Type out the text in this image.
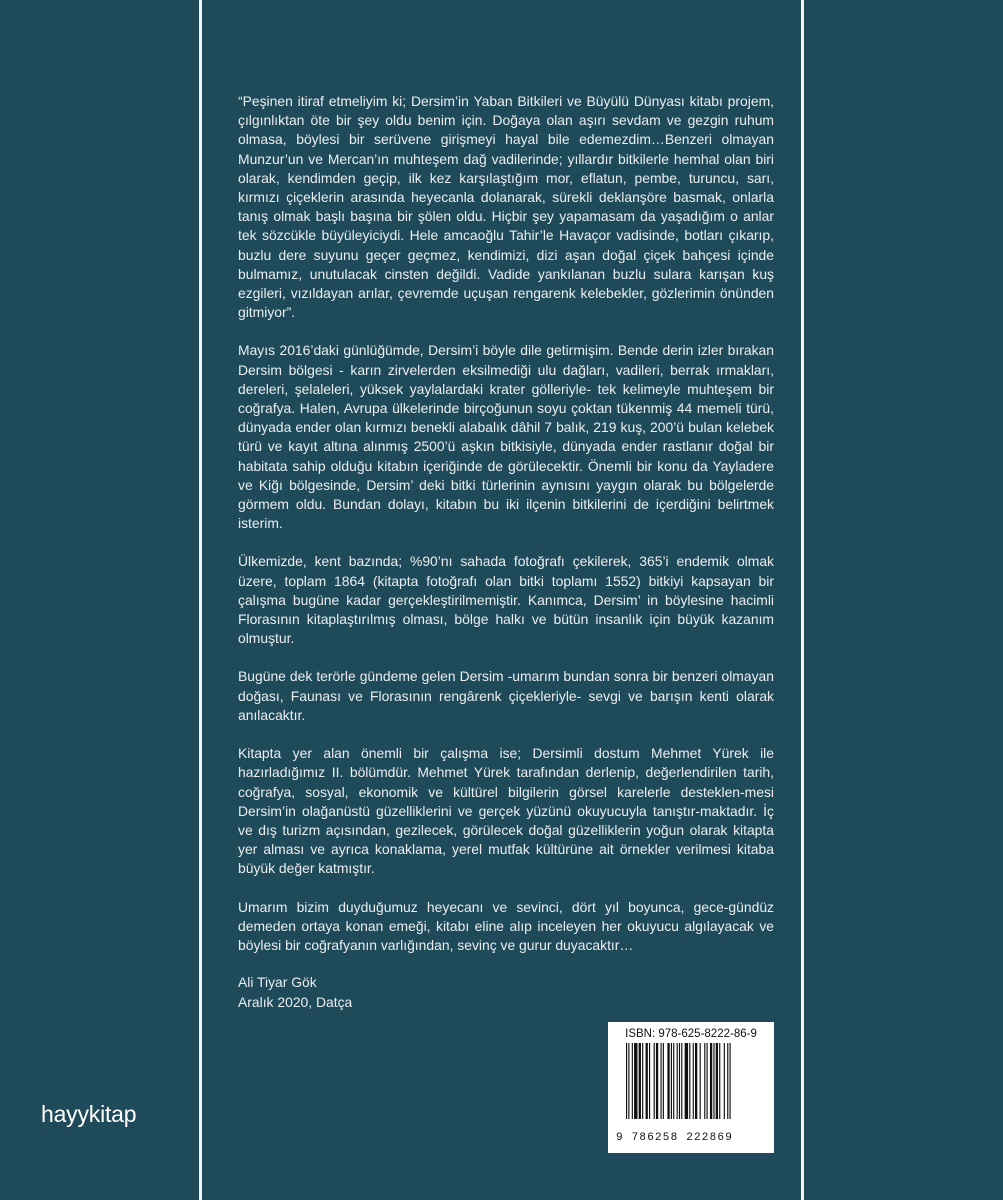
“Peşinen itiraf etmeliyim ki; Dersim’in Yaban Bitkileri ve Büyülü Dünyası kitabı projem, çılgınlıktan öte bir şey oldu benim için. Doğaya olan aşırı sevdam ve gezgin ruhum olmasa, böylesi bir serüvene girişmeyi hayal bile edemezdim…Benzeri olmayan Munzur’un ve Mercan’ın muhteşem dağ vadilerinde; yıllardır bitkilerle hemhal olan biri olarak, kendimden geçip, ilk kez karşılaştığım mor, eflatun, pembe, turuncu, sarı, kırmızı çiçeklerin arasında heyecanla dolanarak, sürekli deklanşöre basmak, onlarla tanış olmak başlı başına bir şölen oldu. Hiçbir şey yapamasam da yaşadığım o anlar tek sözcükle büyüleyiciydi. Hele amcaoğlu Tahir’le Havaçor vadisinde, botları çıkarıp, buzlu dere suyunu geçer geçmez, kendimizi, dizi aşan doğal çiçek bahçesi içinde bulmamız, unutulacak cinsten değildi. Vadide yankılanan buzlu sulara karışan kuş ezgileri, vızıldayan arılar, çevremde uçuşan rengarenk kelebekler, gözlerimin önünden gitmiyor”.

Mayıs 2016’daki günlüğümde, Dersim’i böyle dile getirmişim. Bende derin izler bırakan Dersim bölgesi - karın zirvelerden eksilmediği ulu dağları, vadileri, berrak ırmakları, dereleri, şelaleleri, yüksek yaylalardaki krater gölleriyle- tek kelimeyle muhteşem bir coğrafya. Halen, Avrupa ülkelerinde birçoğunun soyu çoktan tükenmiş 44 memeli türü, dünyada ender olan kırmızı benekli alabalık dâhil 7 balık, 219 kuş, 200’ü bulan kelebek türü ve kayıt altına alınmış 2500’ü aşkın bitkisiyle, dünyada ender rastlanır doğal bir habitata sahip olduğu kitabın içeriğinde de görülecektir. Önemli bir konu da Yayladere ve Kiğı bölgesinde, Dersim’ deki bitki türlerinin aynısını yaygın olarak bu bölgelerde görmem oldu. Bundan dolayı, kitabın bu iki ilçenin bitkilerini de içerdiğini belirtmek isterim.

Ülkemizde, kent bazında; %90’nı sahada fotoğrafı çekilerek, 365’i endemik olmak üzere, toplam 1864 (kitapta fotoğrafı olan bitki toplamı 1552) bitkiyi kapsayan bir çalışma bugüne kadar gerçekleştirilmemiştir. Kanımca, Dersim’ in böylesine hacimli Florasının kitaplaştırılmış olması, bölge halkı ve bütün insanlık için büyük kazanım olmuştur.

Bugüne dek terörle gündeme gelen Dersim -umarım bundan sonra bir benzeri olmayan doğası, Faunası ve Florasının rengârenk çiçekleriyle- sevgi ve barışın kenti olarak anılacaktır.

Kitapta yer alan önemli bir çalışma ise; Dersimli dostum Mehmet Yürek ile hazırladığımız II. bölümdür. Mehmet Yürek tarafından derlenip, değerlendirilen tarih, coğrafya, sosyal, ekonomik ve kültürel bilgilerin görsel karelerle desteklen-mesi Dersim’in olağanüstü güzelliklerini ve gerçek yüzünü okuyucuyla tanıştır-maktadır. İç ve dış turizm açısından, gezilecek, görülecek doğal güzelliklerin yoğun olarak kitapta yer alması ve ayrıca konaklama, yerel mutfak kültürüne ait örnekler verilmesi kitaba büyük değer katmıştır.

Umarım bizim duyduğumuz heyecanı ve sevinci, dört yıl boyunca, gece-gündüz demeden ortaya konan emeği, kitabı eline alıp inceleyen her okuyucu algılayacak ve böylesi bir coğrafyanın varlığından, sevinç ve gurur duyacaktır…

Ali Tiyar Gök
Aralık 2020, Datça
hayykitap
ISBN: 978-625-8222-86-9
9 786258 222869
